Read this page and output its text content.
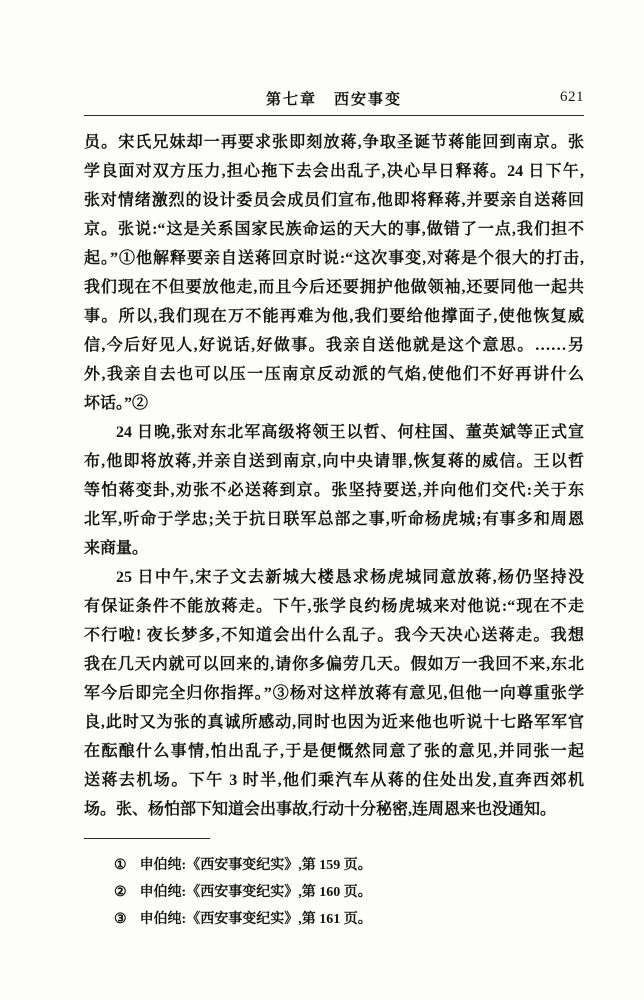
第七章　西安事变	621
员。宋氏兄妹却一再要求张即刻放蒋,争取圣诞节蒋能回到南京。张
学良面对双方压力,担心拖下去会出乱子,决心早日释蒋。24 日下午,
张对情绪激烈的设计委员会成员们宣布,他即将释蒋,并要亲自送蒋回
京。张说:“这是关系国家民族命运的天大的事,做错了一点,我们担不
起。”①他解释要亲自送蒋回京时说:“这次事变,对蒋是个很大的打击,
我们现在不但要放他走,而且今后还要拥护他做领袖,还要同他一起共
事。所以,我们现在万不能再难为他,我们要给他撑面子,使他恢复威
信,今后好见人,好说话,好做事。我亲自送他就是这个意思。……另
外,我亲自去也可以压一压南京反动派的气焰,使他们不好再讲什么
坏话。”②
24 日晚,张对东北军高级将领王以哲、何柱国、董英斌等正式宣
布,他即将放蒋,并亲自送到南京,向中央请罪,恢复蒋的威信。王以哲
等怕蒋变卦,劝张不必送蒋到京。张坚持要送,并向他们交代:关于东
北军,听命于学忠;关于抗日联军总部之事,听命杨虎城;有事多和周恩
来商量。
25 日中午,宋子文去新城大楼恳求杨虎城同意放蒋,杨仍坚持没
有保证条件不能放蒋走。下午,张学良约杨虎城来对他说:“现在不走
不行啦! 夜长梦多,不知道会出什么乱子。我今天决心送蒋走。我想
我在几天内就可以回来的,请你多偏劳几天。假如万一我回不来,东北
军今后即完全归你指挥。”③杨对这样放蒋有意见,但他一向尊重张学
良,此时又为张的真诚所感动,同时也因为近来他也听说十七路军军官
在酝酿什么事情,怕出乱子,于是便慨然同意了张的意见,并同张一起
送蒋去机场。下午 3 时半,他们乘汽车从蒋的住处出发,直奔西郊机
场。张、杨怕部下知道会出事故,行动十分秘密,连周恩来也没通知。
① 申伯纯:《西安事变纪实》,第 159 页。
② 申伯纯:《西安事变纪实》,第 160 页。
③ 申伯纯:《西安事变纪实》,第 161 页。
